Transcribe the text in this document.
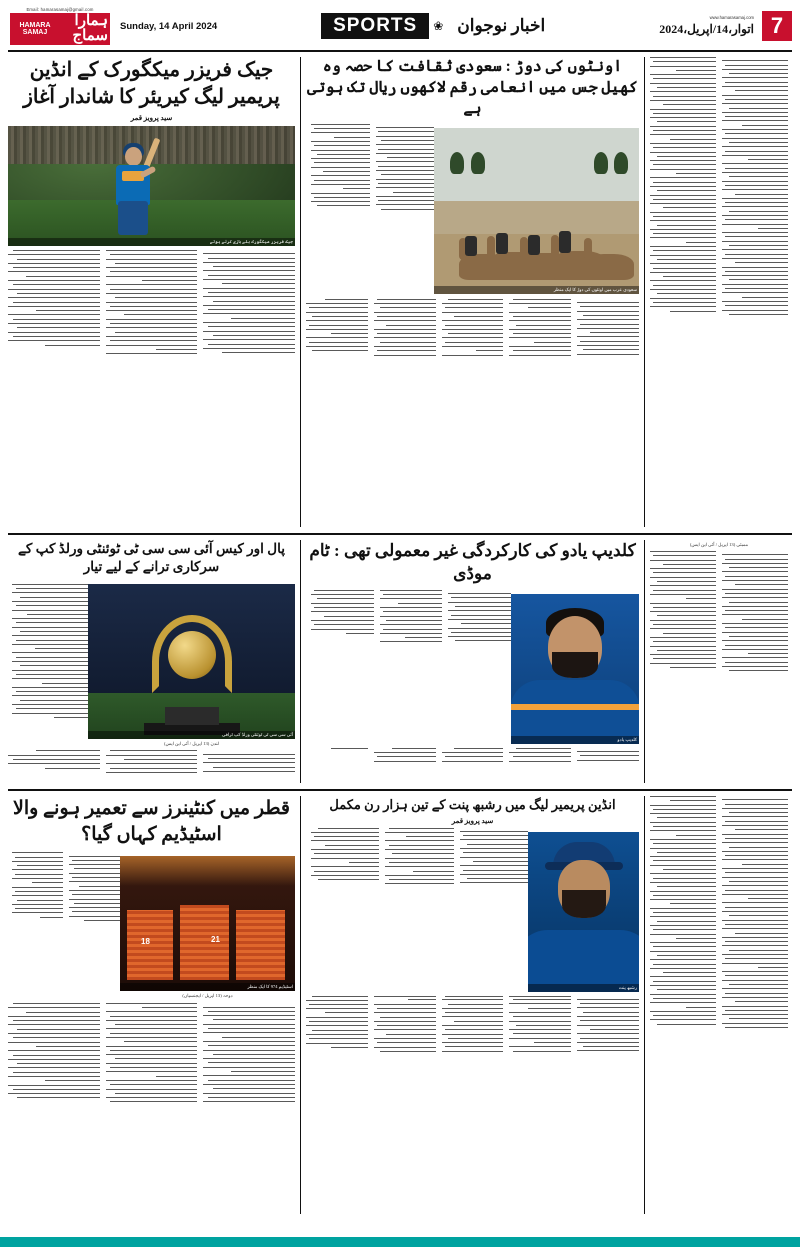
Email: hamarasamaj@gmail.com
HAMARA SAMAJ
ہمارا سماج
Sunday, 14 April 2024	SPORTS	❀ اخبار نوجوان	www.hamarasamaj.com
اتوار،14/اپریل،2024 7
جیک فریزر میکگورک کے انڈین پریمیر لیگ کیریئر کا شاندار آغاز
سید پرویز قمر
جیک فریزر میکگورک بلے بازی کرتے ہوئے
اونٹوں کی دوڑ : سعودی ثقافت کا حصہ وہ کھیل جس میں انعامی رقم لاکھوں ریال تک ہوتی ہے
سعودی عرب میں اونٹوں کی دوڑ کا ایک منظر
پال اور کیس آئی سی سی ٹی ٹوئنٹی ورلڈ کپ کے سرکاری ترانے کے لیے تیار
آئی سی سی ٹی ٹوئنٹی ورلڈ کپ ٹرافی
لندن (13 اپریل / آئی این ایس)
کلدیپ یادو کی کارکردگی غیر معمولی تھی : ٹام موڈی
کلدیپ یادو
ممبئی (13 اپریل / آئی این ایس)
قطر میں کنٹینرز سے تعمیر ہونے والا اسٹیڈیم کہاں گیا؟
18	21
اسٹیڈیم 974 کا ایک منظر
دوحہ (13 اپریل / ایجنسیاں)
انڈین پریمیر لیگ میں رشبھ پنت کے تین ہزار رن مکمل
سید پرویز قمر
رشبھ پنت
